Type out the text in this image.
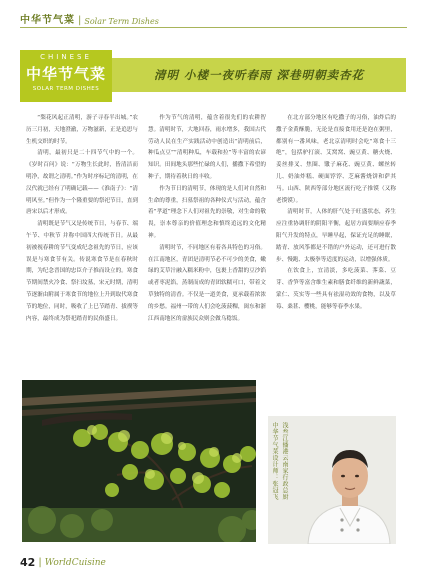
中华节气菜 | Solar Term Dishes
CHINESE
中华节气菜
SOLAR TERM DISHES
清明 小楼一夜听春雨 深巷明朝卖杏花

“梨花风起正清明，游子寻春半出城。”农历三月初，天地澄澈，万物滋新，正是追思与生机交织的时节。

清明，最初只是二十四节气中的一个。《岁时百问》说：“万物生长此时，皆清洁而明净，故谓之清明。”作为时序标记的清明，在汉代就已经有了明确记载——《淮南子》：“清明风至。”但作为一个隆重要的祭祀节日，直到唐宋以后才形成。

清明既是节气又是传统节日，与春节、端午节、中秋节 并称中国四大传统节日。从最初被视春耕的节气变成纪念祖先的节日，应该误是与寒食节有关。传说寒食节是在春秋时期，为纪念晋国的忠臣介子推而设立的。寒食节期间禁火冷食、祭扫坟墓，宋元时期，清明节逐渐由附属于寒食节的地位上升到取代寒食节的地位，同时，吸收了上巳节踏青、拔禊等内容，最终成为祭祀踏青的民俗盛日。

作为节气的清明，蕴含着很先们的农耕智慧。清明时节，大地回春，雨水增多，我国古代劳动人民在生产实践活动中创造出“清明前后，种瓜点豆”“清明种瓜，车载和拉”等丰富的农谚知识。田间地头那些忙碌的人们，播撒下希望的种子，期待着秋日的丰收。

作为节日的清明节，体现的是人们对自然和生命的尊重，扫墓祭祖的各种仪式与活动，蕴含着“孝道”理念下人们对祖先的崇敬，对生命的敬畏，崇本尊亲的价值理念和慎终追远的文化精神。

清明时节，不同地区有着各具特色的习俗。在江南地区，青团是清明节必不可少的美食，嫩绿的艾草汁融入糯米粉中，包裹上香甜的豆沙馅或者枣泥馅，蒸制而成的青团软糯可口，带着文草独特的清香。不仅是一道美食，更承载着浓浓的乡愁。福州一带的人们会吃菠菠粿，闽东和浙江西南地区的畲族民众则会做乌稔饭。

在北方部分地区有吃撒子的习俗，油炸后的撒子金黄酥脆，无论是直接食用还是泡在粥里，都别有一番风味，老北京清明时会吃“寒食十三绝”，包括驴打滚、艾窝窝、豌豆黄、糖火烧、姜丝排叉、焦圈、馓子麻花、豌豆黄、螺丝转儿、奶油炸糕、硬面饽饽、芝麻酱烧饼和萨其马。山西、陕西等部分地区流行吃子推馍（又称老馍馍）。

清明时节，人体的肝气处于旺盛状态，养生应注重协调肝的阴阳平衡，起居方面要顺应春季阳气升发的特点，早睡早起，保证充足的睡眠，踏青、放风筝都是不错的户外运动，还可进行散步、慢跑、太极拳等适度的运动，以增强体质。

在饮食上，宜清淡，多吃菠菜、荠菜、豆芽、香笋等富含维生素和膳食纤维的新鲜蔬菜，蒙仁、芡实等一些具有祛湿功效的食物，以及草莓、桑葚、樱桃，能够等春季水果。

中华节气菜设计师：张冠飞 浅叁江播港云南家行政总厨
42 | WorldCuisine
